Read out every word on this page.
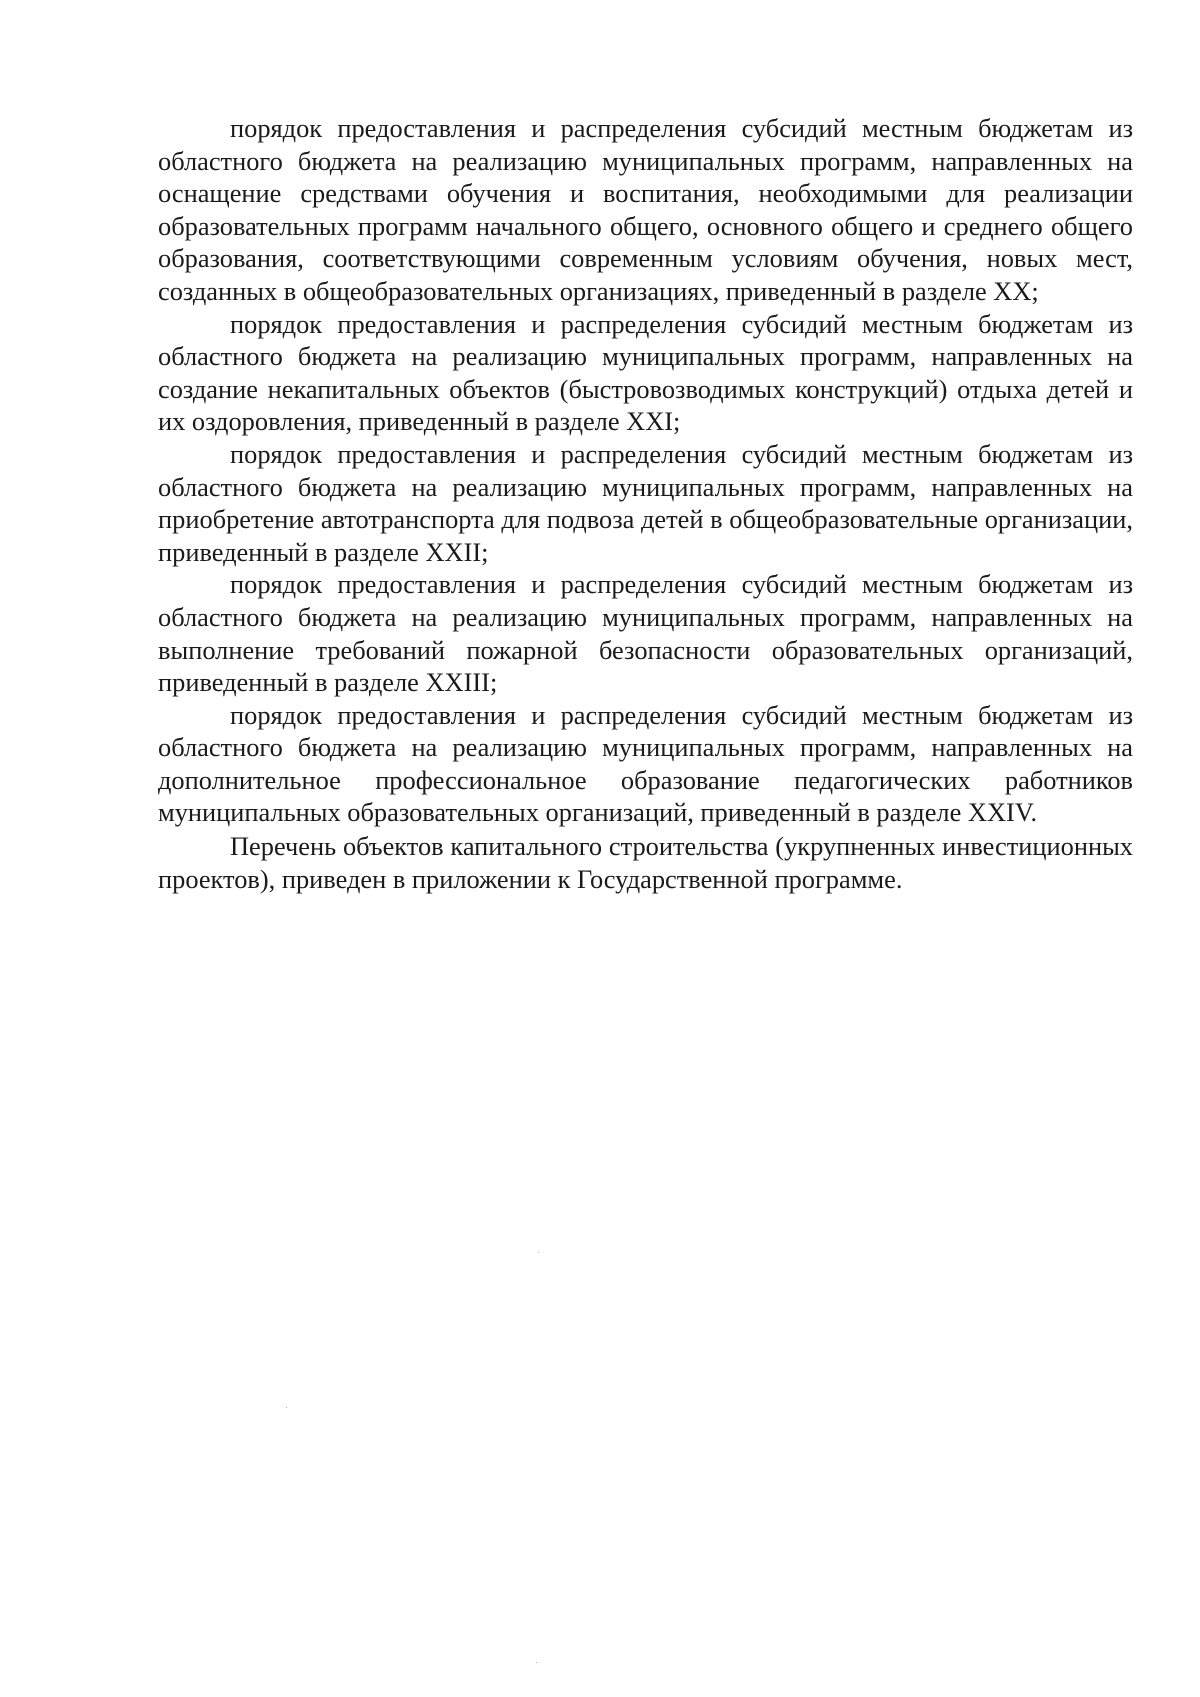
порядок предоставления и распределения субсидий местным бюджетам из областного бюджета на реализацию муниципальных программ, направленных на оснащение средствами обучения и воспитания, необходимыми для реализации образовательных программ начального общего, основного общего и среднего общего образования, соответствующими современным условиям обучения, новых мест, созданных в общеобразовательных организациях, приведенный в разделе XX;

порядок предоставления и распределения субсидий местным бюджетам из областного бюджета на реализацию муниципальных программ, направленных на создание некапитальных объектов (быстровозводимых конструкций) отдыха детей и их оздоровления, приведенный в разделе XXI;

порядок предоставления и распределения субсидий местным бюджетам из областного бюджета на реализацию муниципальных программ, направленных на приобретение автотранспорта для подвоза детей в общеобразовательные организации, приведенный в разделе XXII;

порядок предоставления и распределения субсидий местным бюджетам из областного бюджета на реализацию муниципальных программ, направленных на выполнение требований пожарной безопасности образовательных организаций, приведенный в разделе XXIII;

порядок предоставления и распределения субсидий местным бюджетам из областного бюджета на реализацию муниципальных программ, направленных на дополнительное профессиональное образование педагогических работников муниципальных образовательных организаций, приведенный в разделе XXIV.

Перечень объектов капитального строительства (укрупненных инвестиционных проектов), приведен в приложении к Государственной программе.
